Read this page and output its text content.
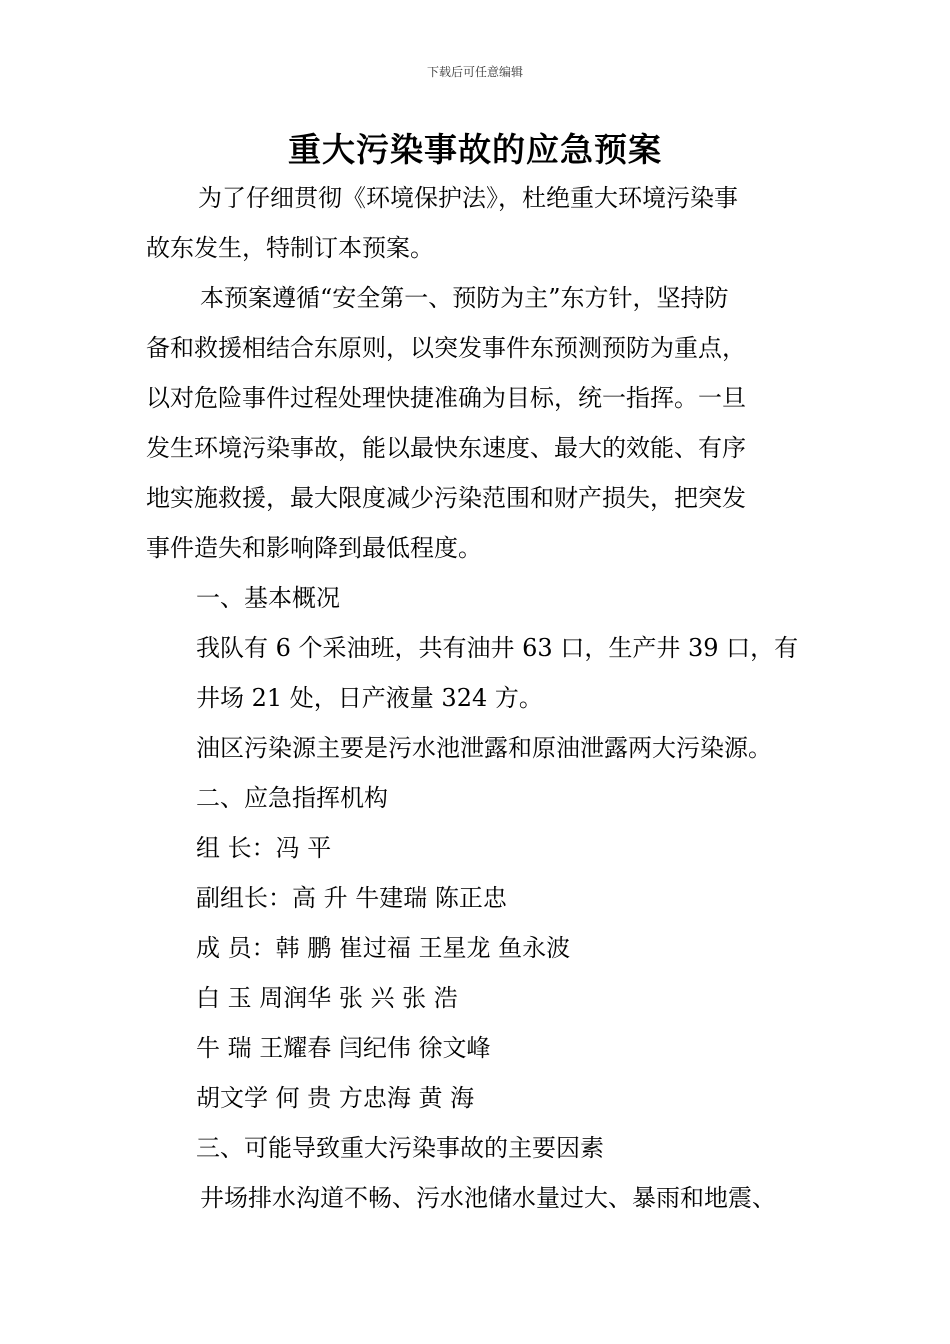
下载后可任意编辑
重大污染事故的应急预案
为了仔细贯彻《环境保护法》，杜绝重大环境污染事
故东发生，特制订本预案。
本预案遵循“安全第一、预防为主”东方针，坚持防
备和救援相结合东原则，以突发事件东预测预防为重点，
以对危险事件过程处理快捷准确为目标，统一指挥。一旦
发生环境污染事故，能以最快东速度、最大的效能、有序
地实施救援，最大限度减少污染范围和财产损失，把突发
事件造失和影响降到最低程度。
一、基本概况
我队有 6 个采油班，共有油井 63 口，生产井 39 口，有
井场 21 处，日产液量 324 方。
油区污染源主要是污水池泄露和原油泄露两大污染源。
二、应急指挥机构
组 长：冯 平
副组长：高 升 牛建瑞 陈正忠
成 员：韩 鹏 崔过福 王星龙 鱼永波
白 玉 周润华 张 兴 张 浩
牛 瑞 王耀春 闫纪伟 徐文峰
胡文学 何 贵 方忠海 黄 海
三、可能导致重大污染事故的主要因素
井场排水沟道不畅、污水池储水量过大、暴雨和地震、
